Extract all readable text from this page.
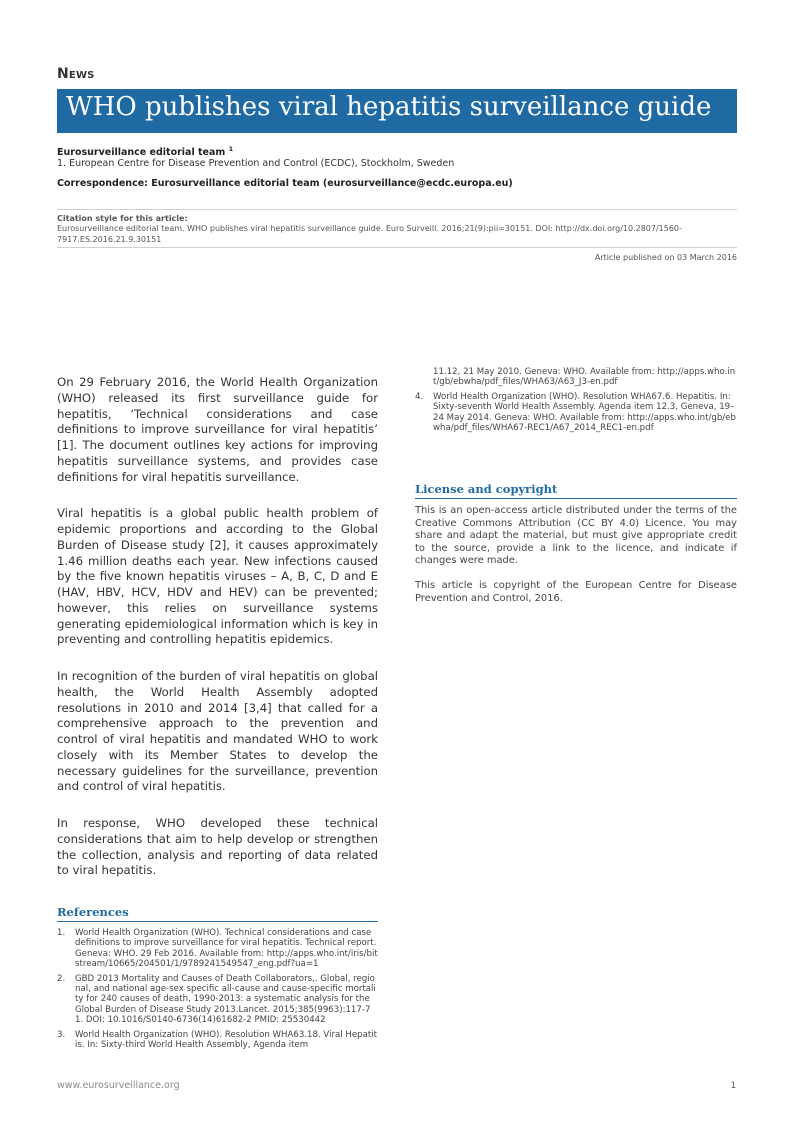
News
WHO publishes viral hepatitis surveillance guide
Eurosurveillance editorial team $^1$
1. European Centre for Disease Prevention and Control (ECDC), Stockholm, Sweden
Correspondence: Eurosurveillance editorial team (eurosurveillance@ecdc.europa.eu)
Citation style for this article:
Eurosurveillance editorial team. WHO publishes viral hepatitis surveillance guide. Euro Surveill. 2016;21(9):pii=30151. DOI: http://dx.doi.org/10.2807/1560-7917.ES.2016.21.9.30151
Article published on 03 March 2016

On 29 February 2016, the World Health Organization (WHO) released its first surveillance guide for hepatitis, ‘Technical considerations and case definitions to improve surveillance for viral hepatitis’ [1]. The document outlines key actions for improving hepatitis surveillance systems, and provides case definitions for viral hepatitis surveillance.

Viral hepatitis is a global public health problem of epidemic proportions and according to the Global Burden of Disease study [2], it causes approximately 1.46 million deaths each year. New infections caused by the five known hepatitis viruses – A, B, C, D and E (HAV, HBV, HCV, HDV and HEV) can be prevented; however, this relies on surveillance systems generating epidemiological information which is key in preventing and controlling hepatitis epidemics.

In recognition of the burden of viral hepatitis on global health, the World Health Assembly adopted resolutions in 2010 and 2014 [3,4] that called for a comprehensive approach to the prevention and control of viral hepatitis and mandated WHO to work closely with its Member States to develop the necessary guidelines for the surveillance, prevention and control of viral hepatitis.

In response, WHO developed these technical considerations that aim to help develop or strengthen the collection, analysis and reporting of data related to viral hepatitis.

References
1. World Health Organization (WHO). Technical considerations and case definitions to improve surveillance for viral hepatitis. Technical report. Geneva: WHO. 29 Feb 2016. Available from: http://apps.who.int/iris/bitstream/10665/204501/1/9789241549547_eng.pdf?ua=1
2. GBD 2013 Mortality and Causes of Death Collaborators,. Global, regional, and national age-sex specific all-cause and cause-specific mortality for 240 causes of death, 1990-2013: a systematic analysis for the Global Burden of Disease Study 2013.Lancet. 2015;385(9963):117-71. DOI: 10.1016/S0140-6736(14)61682-2 PMID: 25530442
3. World Health Organization (WHO). Resolution WHA63.18. Viral Hepatitis. In: Sixty-third World Health Assembly, Agenda item
11.12, 21 May 2010. Geneva: WHO. Available from: http://apps.who.int/gb/ebwha/pdf_files/WHA63/A63_J3-en.pdf
4. World Health Organization (WHO). Resolution WHA67.6. Hepatitis. In: Sixty-seventh World Health Assembly. Agenda item 12.3, Geneva, 19–24 May 2014. Geneva: WHO. Available from: http://apps.who.int/gb/ebwha/pdf_files/WHA67-REC1/A67_2014_REC1-en.pdf
License and copyright

This is an open-access article distributed under the terms of the Creative Commons Attribution (CC BY 4.0) Licence. You may share and adapt the material, but must give appropriate credit to the source, provide a link to the licence, and indicate if changes were made.

This article is copyright of the European Centre for Disease Prevention and Control, 2016.

www.eurosurveillance.org	1
